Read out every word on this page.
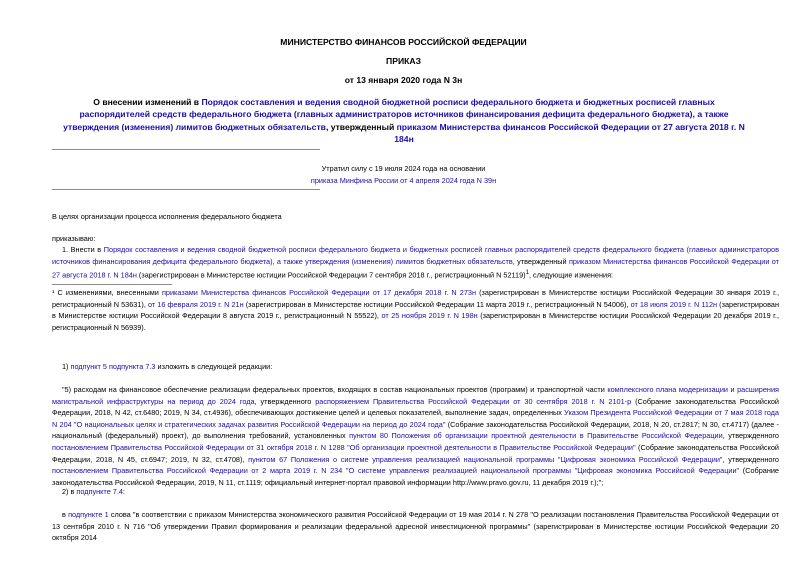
МИНИСТЕРСТВО ФИНАНСОВ РОССИЙСКОЙ ФЕДЕРАЦИИ
ПРИКАЗ
от 13 января 2020 года N 3н
О внесении изменений в Порядок составления и ведения сводной бюджетной росписи федерального бюджета и бюджетных росписей главных распорядителей средств федерального бюджета (главных администраторов источников финансирования дефицита федерального бюджета), а также утверждения (изменения) лимитов бюджетных обязательств, утвержденный приказом Министерства финансов Российской Федерации от 27 августа 2018 г. N 184н
Утратил силу с 19 июля 2024 года на основании
приказа Минфина России от 4 апреля 2024 года N 39н
В целях организации процесса исполнения федерального бюджета
приказываю:

1. Внести в Порядок составления и ведения сводной бюджетной росписи федерального бюджета и бюджетных росписей главных распорядителей средств федерального бюджета (главных администраторов источников финансирования дефицита федерального бюджета), а также утверждения (изменения) лимитов бюджетных обязательств, утвержденный приказом Министерства финансов Российской Федерации от 27 августа 2018 г. N 184н (зарегистрирован в Министерстве юстиции Российской Федерации 7 сентября 2018 г., регистрационный N 52119)$^1$, следующие изменения:

¹ С изменениями, внесенными приказами Министерства финансов Российской Федерации от 17 декабря 2018 г. N 273н (зарегистрирован в Министерстве юстиции Российской Федерации 30 января 2019 г., регистрационный N 53631), от 16 февраля 2019 г. N 21н (зарегистрирован в Министерстве юстиции Российской Федерации 11 марта 2019 г., регистрационный N 54006), от 18 июля 2019 г. N 112н (зарегистрирован в Министерстве юстиции Российской Федерации 8 августа 2019 г., регистрационный N 55522), от 25 ноября 2019 г. N 198н (зарегистрирован в Министерстве юстиции Российской Федерации 20 декабря 2019 г., регистрационный N 56939).

1) подпункт 5 подпункта 7.3 изложить в следующей редакции:

"5) расходам на финансовое обеспечение реализации федеральных проектов, входящих в состав национальных проектов (программ) и транспортной части комплексного плана модернизации и расширения магистральной инфраструктуры на период до 2024 года, утвержденного распоряжением Правительства Российской Федерации от 30 сентября 2018 г. N 2101-р (Собрание законодательства Российской Федерации, 2018, N 42, ст.6480; 2019, N 34, ст.4936), обеспечивающих достижение целей и целевых показателей, выполнение задач, определенных Указом Президента Российской Федерации от 7 мая 2018 года N 204 "О национальных целях и стратегических задачах развития Российской Федерации на период до 2024 года" (Собрание законодательства Российской Федерации, 2018, N 20, ст.2817; N 30, ст.4717) (далее - национальный (федеральный) проект), до выполнения требований, установленных пунктом 80 Положения об организации проектной деятельности в Правительстве Российской Федерации, утвержденного постановлением Правительства Российской Федерации от 31 октября 2018 г. N 1288 "Об организации проектной деятельности в Правительстве Российской Федерации" (Собрание законодательства Российской Федерации, 2018, N 45, ст.6947; 2019, N 32, ст.4708), пунктом 67 Положения о системе управления реализацией национальной программы "Цифровая экономика Российской Федерации", утвержденного постановлением Правительства Российской Федерации от 2 марта 2019 г. N 234 "О системе управления реализацией национальной программы "Цифровая экономика Российской Федерации" (Собрание законодательства Российской Федерации, 2019, N 11, ст.1119; официальный интернет-портал правовой информации http://www.pravo.gov.ru, 11 декабря 2019 г.);";

2) в подпункте 7.4:

в подпункте 1 слова "в соответствии с приказом Министерства экономического развития Российской Федерации от 19 мая 2014 г. N 278 "О реализации постановления Правительства Российской Федерации от 13 сентября 2010 г. N 716 "Об утверждении Правил формирования и реализации федеральной адресной инвестиционной программы" (зарегистрирован в Министерстве юстиции Российской Федерации 20 октября 2014
